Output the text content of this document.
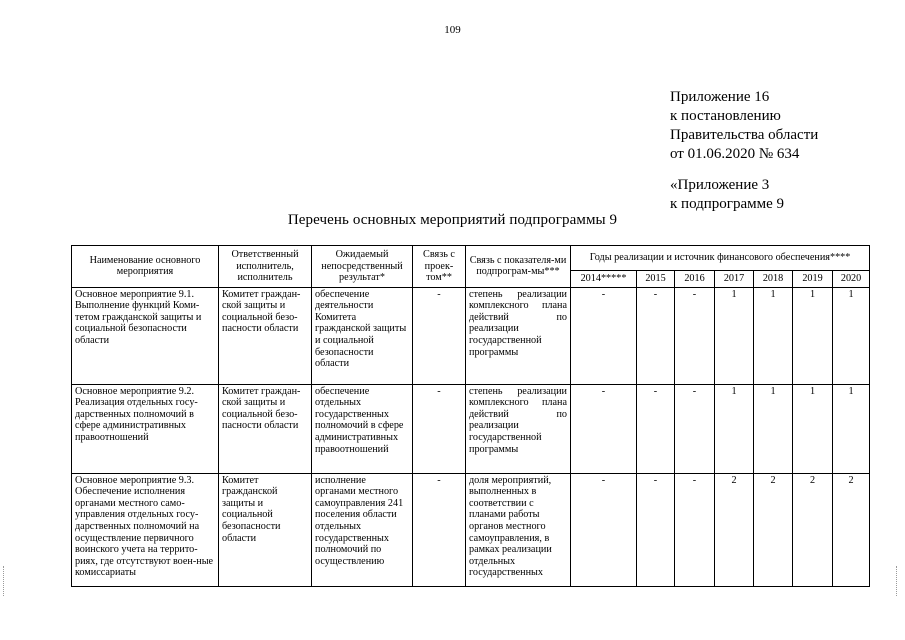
109
Приложение 16
к постановлению
Правительства области
от 01.06.2020 № 634
«Приложение 3
к подпрограмме 9
Перечень основных мероприятий подпрограммы 9
Наименование основного мероприятия	Ответственный исполнитель, исполнитель	Ожидаемый непосредственный результат*	Связь с проек-том**	Связь с показателя-ми подпрограм-мы***	Годы реализации и источник финансового обеспечения****						
					2014*****	2015	2016	2017	2018	2019	2020
Основное мероприятие 9.1. Выполнение функций Коми-тетом гражданской защиты и социальной безопасности области	Комитет граждан-ской защиты и социальной безо-пасности области	обеспечение деятельности Комитета гражданской защиты и социальной безопасности области	-	степень реализации комплексного плана действий по реализации государственной программы	-	-	-	1	1	1	1
Основное мероприятие 9.2. Реализация отдельных госу-дарственных полномочий в сфере административных правоотношений	Комитет граждан-ской защиты и социальной безо-пасности области	обеспечение отдельных государственных полномочий в сфере административных правоотношений	-	степень реализации комплексного плана действий по реализации государственной программы	-	-	-	1	1	1	1
Основное мероприятие 9.3. Обеспечение исполнения органами местного само-управления отдельных госу-дарственных полномочий на осуществление первичного воинского учета на террито-риях, где отсутствуют воен-ные комиссариаты	Комитет гражданской защиты и социальной безопасности области	исполнение органами местного самоуправления 241 поселения области отдельных государственных полномочий по осуществлению	-	доля мероприятий, выполненных в соответствии с планами работы органов местного самоуправления, в рамках реализации отдельных государственных	-	-	-	2	2	2	2
